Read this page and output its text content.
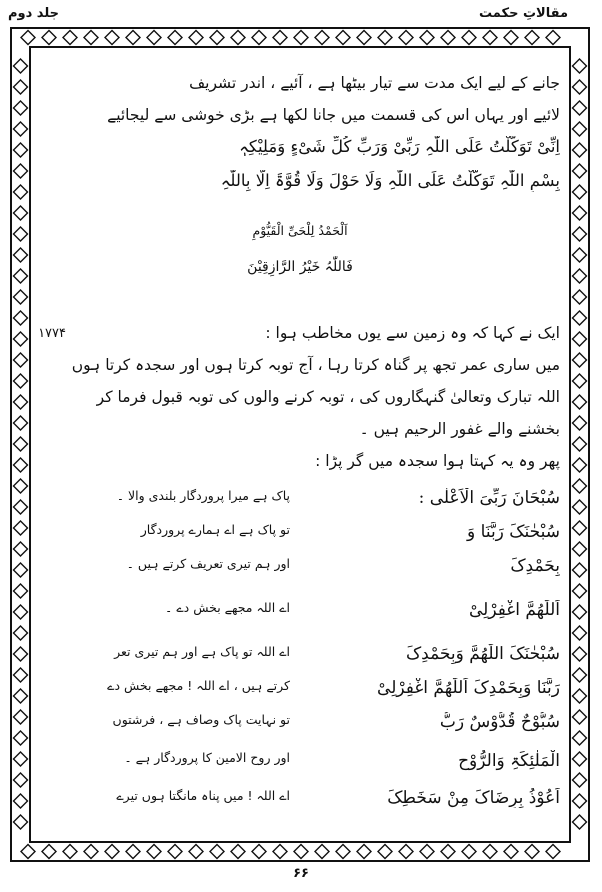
مقالاتِ حکمت
جلد دوم
جانے کے لیے ایک مدت سے تیار بیٹھا ہے ، آئیے ، اندر تشریف
لائیے اور یہاں اس کی قسمت میں جانا لکھا ہے بڑی خوشی سے لیجائیے
اِنِّیْ تَوَکَّلْتُ عَلَی اللّٰہِ رَبِّیْ وَرَبِّ کُلِّ شَیْءٍ وَمَلِیْکِہٖ
بِسْمِ اللّٰہِ تَوَکَّلْتُ عَلَی اللّٰہِ وَلَا حَوْلَ وَلَا قُوَّۃَ اِلَّا بِاللّٰہِ
اَلْحَمْدُ لِلْحَیِّ الْقَیُّوْمِ
فَاللّٰہُ خَیْرُ الرَّازِقِیْنَ
۱۷۷۴	ایک نے کہا کہ وہ زمین سے یوں مخاطب ہوا :
میں ساری عمر تجھ پر گناہ کرتا رہا ، آج توبہ کرتا ہوں اور سجدہ کرتا ہوں
اللہ تبارک وتعالیٰ گنہگاروں کی ، توبہ کرنے والوں کی توبہ قبول فرما کر
بخشنے والے غفور الرحیم ہیں ۔
پھر وہ یہ کہتا ہوا سجدہ میں گر پڑا :
سُبْحَانَ رَبِّیَ الْاَعْلٰی :
پاک ہے میرا پروردگار بلندی والا ۔
سُبْحٰنَکَ رَبَّنَا وَ
تو پاک ہے اے ہمارے پروردگار
بِحَمْدِکَ
اور ہم تیری تعریف کرتے ہیں ۔
اَللّٰھُمَّ اغْفِرْلِیْ
اے اللہ مجھے بخش دے ۔
سُبْحٰنَکَ اللّٰھُمَّ وَبِحَمْدِکَ
اے اللہ تو پاک ہے اور ہم تیری تعر
رَبَّنَا وَبِحَمْدِکَ اَللّٰھُمَّ اغْفِرْلِیْ
کرتے ہیں ، اے اللہ ! مجھے بخش دے
سُبُّوْحٌ قُدُّوْسٌ رَبُّ
تو نہایت پاک وصاف ہے ، فرشتوں
الْمَلٰئِکَۃِ وَالرُّوْحِ
اور روح الامین کا پروردگار ہے ۔
اَعُوْذُ بِرِضَاکَ مِنْ سَخَطِکَ
اے اللہ ! میں پناہ مانگتا ہوں تیرے
۶۶
